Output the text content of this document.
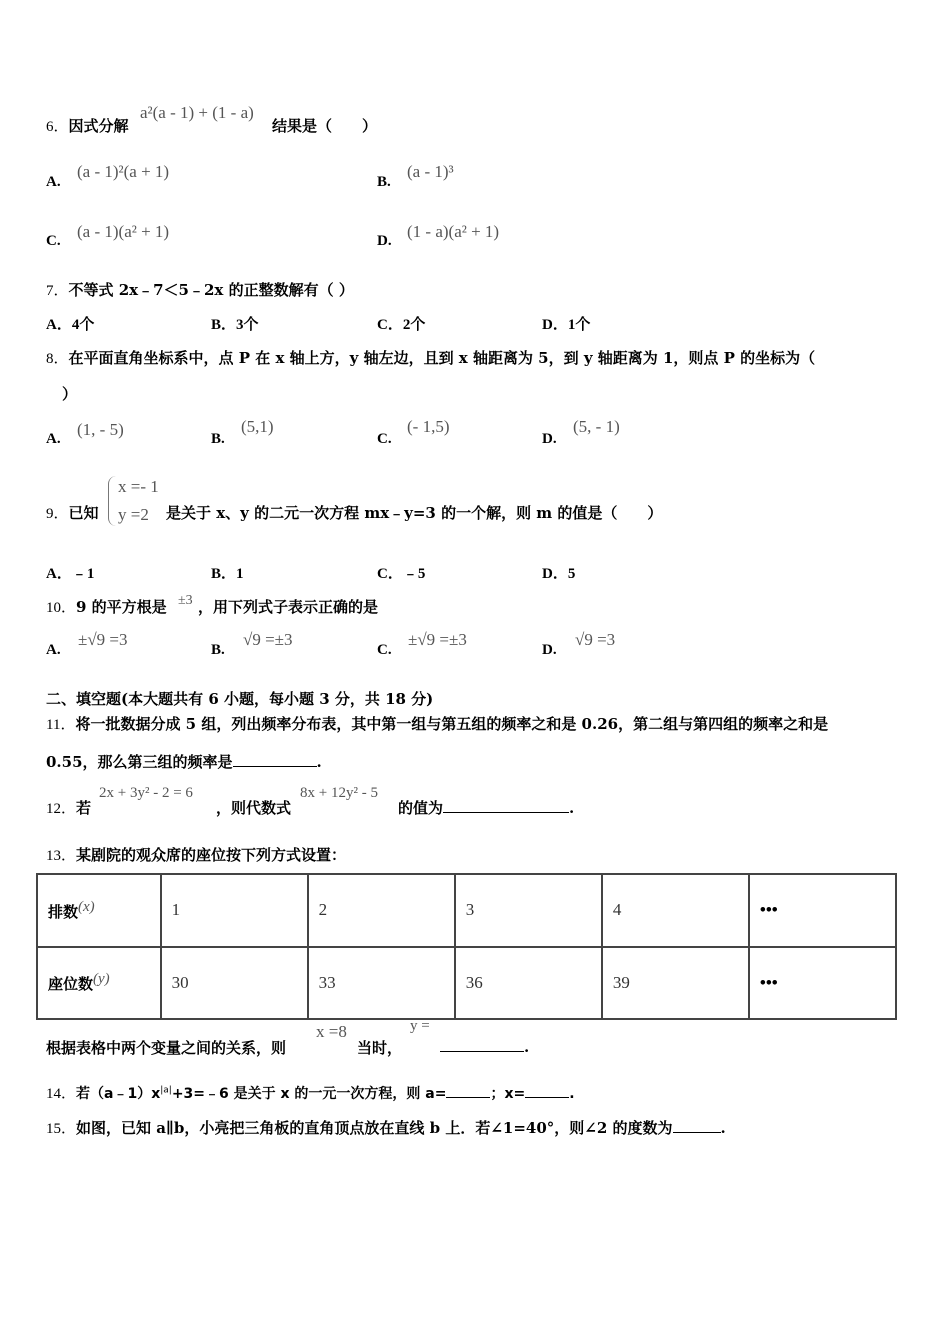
6．因式分解
a²(a - 1) + (1 - a)
结果是（　　）
A.
(a - 1)²(a + 1)
B.
(a - 1)³
C. (a - 1)(a² + 1)	D. (1 - a)(a² + 1)
7．不等式 2x﹣7＜5﹣2x 的正整数解有（ ）
A．4个	B．3个	C．2个	D．1个
8．在平面直角坐标系中，点 P 在 x 轴上方，y 轴左边，且到 x 轴距离为 5，到 y 轴距离为 1，则点 P 的坐标为（
）
A. (1, - 5)	B.
(5,1)
C.
(- 1,5)
D.
(5, - 1)
9．已知
x =- 1
y =2 是关于 x、y 的二元一次方程 mx﹣y=3 的一个解，则 m 的值是（　　）
A．﹣1	B．1	C．﹣5	D．5
10．9 的平方根是 ±3 ，用下列式子表示正确的是
A.
±√9 =3
B.
√9 =±3
C.
±√9 =±3
D.
√9 =3
二、填空题(本大题共有 6 小题，每小题 3 分，共 18 分)
11．将一批数据分成 5 组，列出频率分布表，其中第一组与第五组的频率之和是 0.26，第二组与第四组的频率之和是
0.55，那么第三组的频率是	.
12．若
2x + 3y² - 2 = 6
，则代数式
8x + 12y² - 5
的值为	.
13．某剧院的观众席的座位按下列方式设置：
排数$^{(x)}$	1	2	3	4	•••
座位数$^{(y)}$	30	33	36	39	•••
根据表格中两个变量之间的关系，则
x =8
当时，
y =
.
14．若$(a﹣1)x^{|a|}+3=﹣6$ 是关于 x 的一元一次方程，则 a=	；x=	.
15．如图，已知 a∥b，小亮把三角板的直角顶点放在直线 b 上．若∠1=40°，则∠2 的度数为	.
